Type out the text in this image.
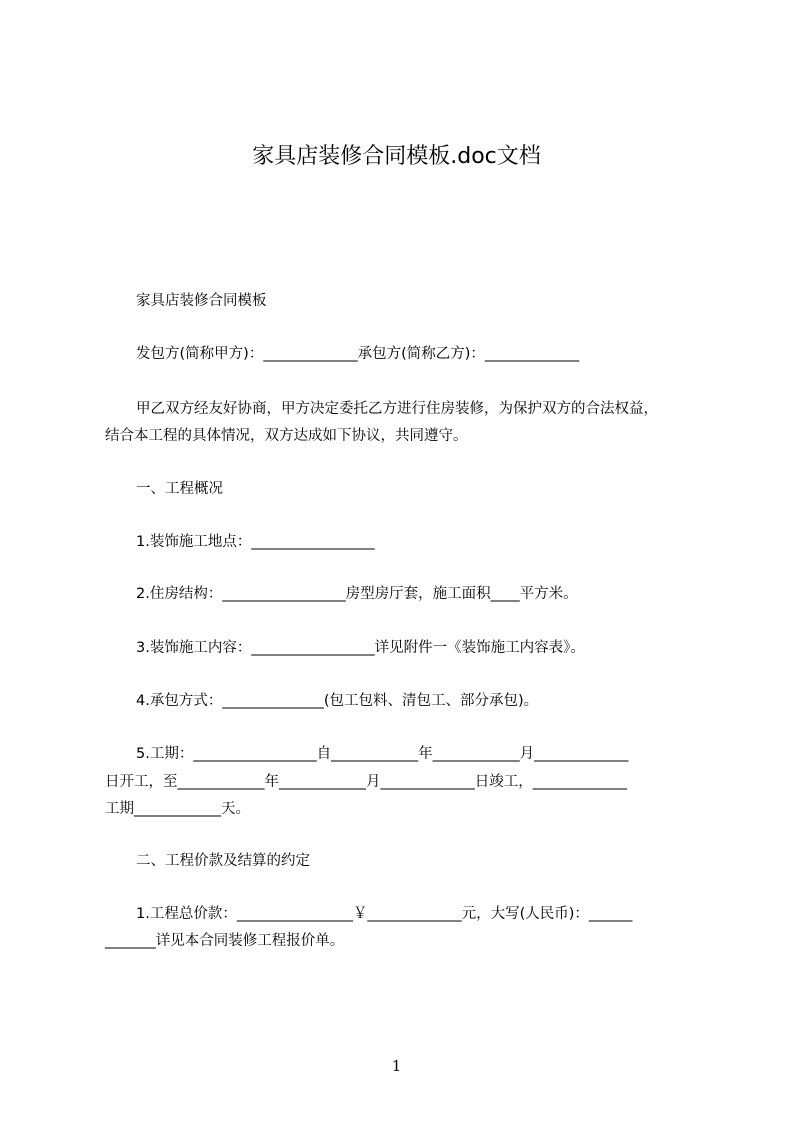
家具店装修合同模板.doc文档

家具店装修合同模板

发包方(简称甲方)：_____________承包方(简称乙方)：_____________

甲乙双方经友好协商，甲方决定委托乙方进行住房装修，为保护双方的合法权益，

结合本工程的具体情况，双方达成如下协议，共同遵守。

一、工程概况

1.装饰施工地点：_________________

2.住房结构：_________________房型房厅套，施工面积____平方米。

3.装饰施工内容：_________________详见附件一《装饰施工内容表》。

4.承包方式：______________(包工包料、清包工、部分承包)。

5.工期：_________________自____________年____________月_____________

日开工，至____________年____________月_____________日竣工，_____________

工期____________天。

二、工程价款及结算的约定

1.工程总价款：________________￥_____________元，大写(人民币)：______

_______详见本合同装修工程报价单。

1
